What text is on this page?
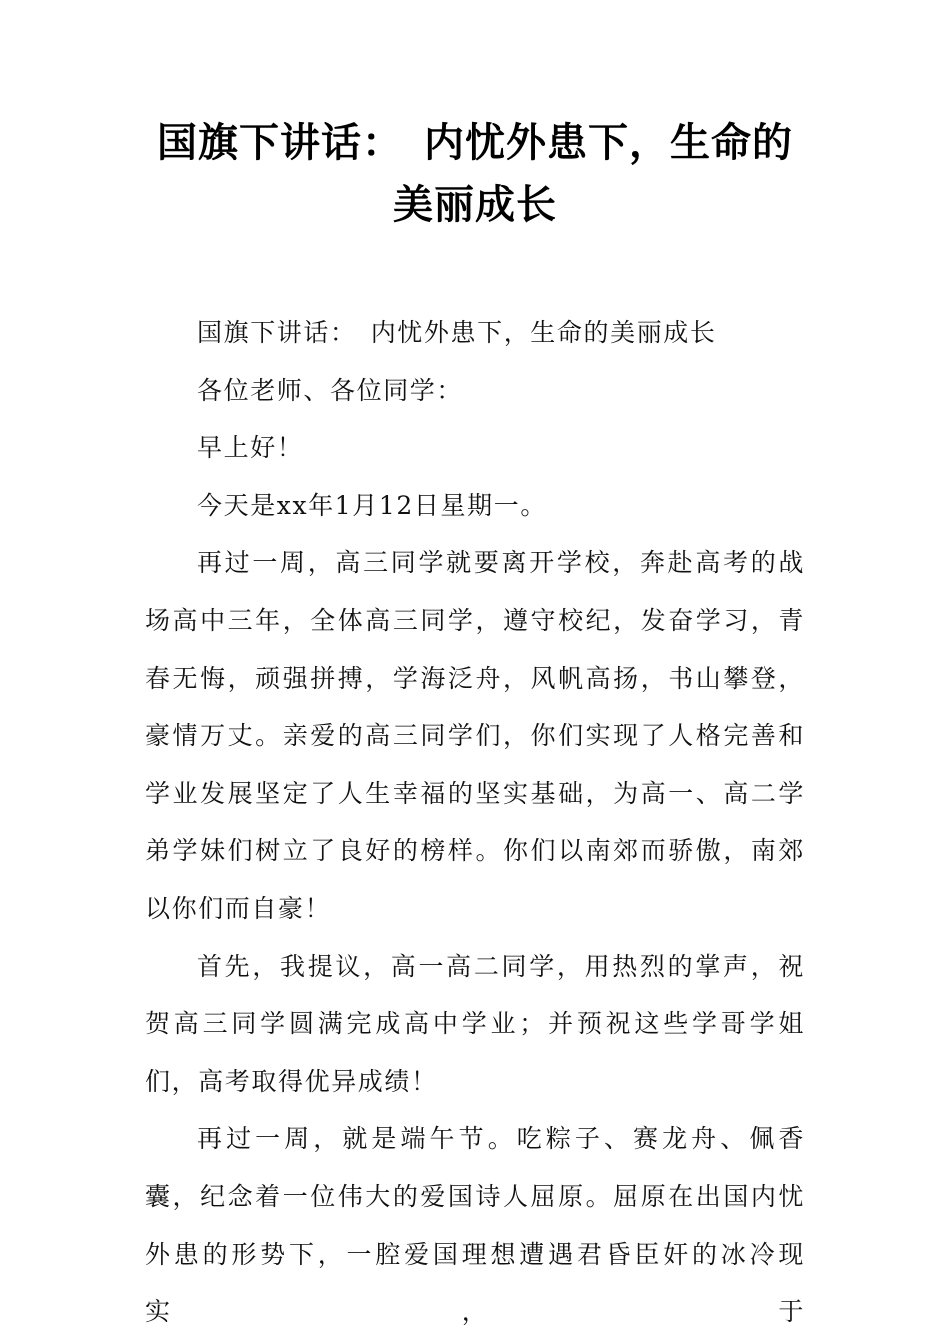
国旗下讲话：　内忧外患下，生命的美丽成长

国旗下讲话：　内忧外患下，生命的美丽成长

各位老师、各位同学：

早上好！

今天是xx年1月12日星期一。

再过一周，高三同学就要离开学校，奔赴高考的战场高中三年，全体高三同学，遵守校纪，发奋学习，青春无悔，顽强拼搏，学海泛舟，风帆高扬，书山攀登，豪情万丈。亲爱的高三同学们，你们实现了人格完善和学业发展坚定了人生幸福的坚实基础，为高一、高二学弟学妹们树立了良好的榜样。你们以南郊而骄傲，南郊以你们而自豪！

首先，我提议，高一高二同学，用热烈的掌声，祝贺高三同学圆满完成高中学业；并预祝这些学哥学姐们，高考取得优异成绩！

再过一周，就是端午节。吃粽子、赛龙舟、佩香囊，纪念着一位伟大的爱国诗人屈原。屈原在出国内忧外患的形势下，一腔爱国理想遭遇君昏臣奸的冰冷现实，于
